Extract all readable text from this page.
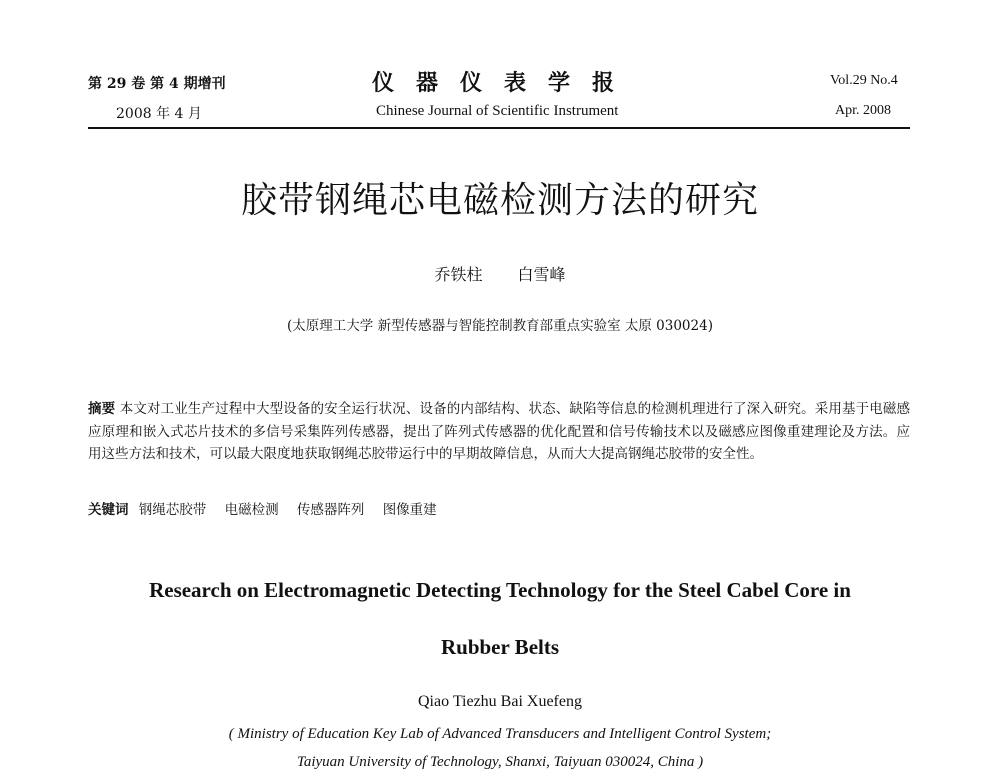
第 29 卷 第 4 期增刊
2008 年 4 月
仪器仪表学报
Chinese Journal of Scientific Instrument
Vol.29 No.4
Apr. 2008
胶带钢绳芯电磁检测方法的研究
乔铁柱 白雪峰
(太原理工大学 新型传感器与智能控制教育部重点实验室 太原 030024)
摘要 本文对工业生产过程中大型设备的安全运行状况、设备的内部结构、状态、缺陷等信息的检测机理进行了深入研究。采用基于电磁感应原理和嵌入式芯片技术的多信号采集阵列传感器，提出了阵列式传感器的优化配置和信号传输技术以及磁感应图像重建理论及方法。应用这些方法和技术，可以最大限度地获取钢绳芯胶带运行中的早期故障信息，从而大大提高钢绳芯胶带的安全性。
关键词 钢绳芯胶带 电磁检测 传感器阵列 图像重建
Research on Electromagnetic Detecting Technology for the Steel Cabel Core in
Rubber Belts
Qiao Tiezhu Bai Xuefeng
( Ministry of Education Key Lab of Advanced Transducers and Intelligent Control System;
Taiyuan University of Technology, Shanxi, Taiyuan 030024, China )
